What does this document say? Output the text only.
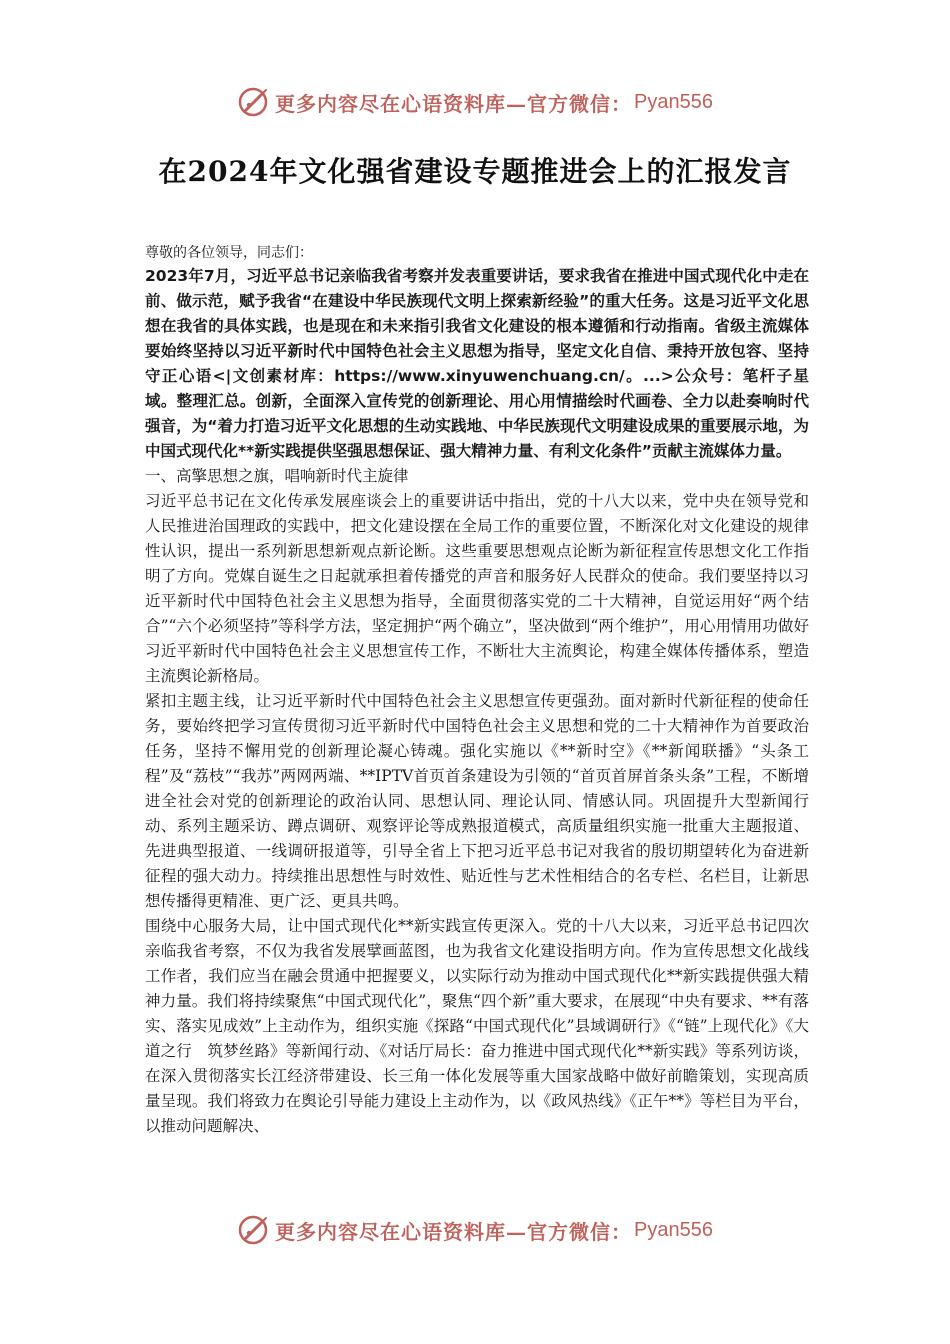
更多内容尽在心语资料库—官方微信： Pyan556
在2024年文化强省建设专题推进会上的汇报发言

尊敬的各位领导，同志们：

2023年7月，习近平总书记亲临我省考察并发表重要讲话，要求我省在推进中国式现代化中走在前、做示范，赋予我省“在建设中华民族现代文明上探索新经验”的重大任务。这是习近平文化思想在我省的具体实践，也是现在和未来指引我省文化建设的根本遵循和行动指南。省级主流媒体要始终坚持以习近平新时代中国特色社会主义思想为指导，坚定文化自信、秉持开放包容、坚持守正心语<|文创素材库：https://www.xinyuwenchuang.cn/。...>公众号：笔杆子星域。整理汇总。创新，全面深入宣传党的创新理论、用心用情描绘时代画卷、全力以赴奏响时代强音，为“着力打造习近平文化思想的生动实践地、中华民族现代文明建设成果的重要展示地，为中国式现代化**新实践提供坚强思想保证、强大精神力量、有利文化条件”贡献主流媒体力量。

一、高擎思想之旗，唱响新时代主旋律

习近平总书记在文化传承发展座谈会上的重要讲话中指出，党的十八大以来，党中央在领导党和人民推进治国理政的实践中，把文化建设摆在全局工作的重要位置，不断深化对文化建设的规律性认识，提出一系列新思想新观点新论断。这些重要思想观点论断为新征程宣传思想文化工作指明了方向。党媒自诞生之日起就承担着传播党的声音和服务好人民群众的使命。我们要坚持以习近平新时代中国特色社会主义思想为指导，全面贯彻落实党的二十大精神，自觉运用好“两个结合”“六个必须坚持”等科学方法，坚定拥护“两个确立”，坚决做到“两个维护”，用心用情用功做好习近平新时代中国特色社会主义思想宣传工作，不断壮大主流舆论，构建全媒体传播体系，塑造主流舆论新格局。

紧扣主题主线，让习近平新时代中国特色社会主义思想宣传更强劲。面对新时代新征程的使命任务，要始终把学习宣传贯彻习近平新时代中国特色社会主义思想和党的二十大精神作为首要政治任务，坚持不懈用党的创新理论凝心铸魂。强化实施以《**新时空》《**新闻联播》“头条工程”及“荔枝”“我苏”两网两端、**IPTV首页首条建设为引领的“首页首屏首条头条”工程，不断增进全社会对党的创新理论的政治认同、思想认同、理论认同、情感认同。巩固提升大型新闻行动、系列主题采访、蹲点调研、观察评论等成熟报道模式，高质量组织实施一批重大主题报道、先进典型报道、一线调研报道等，引导全省上下把习近平总书记对我省的殷切期望转化为奋进新征程的强大动力。持续推出思想性与时效性、贴近性与艺术性相结合的名专栏、名栏目，让新思想传播得更精准、更广泛、更具共鸣。

围绕中心服务大局，让中国式现代化**新实践宣传更深入。党的十八大以来，习近平总书记四次亲临我省考察，不仅为我省发展擘画蓝图，也为我省文化建设指明方向。作为宣传思想文化战线工作者，我们应当在融会贯通中把握要义，以实际行动为推动中国式现代化**新实践提供强大精神力量。我们将持续聚焦“中国式现代化”，聚焦“四个新”重大要求，在展现“中央有要求、**有落实、落实见成效”上主动作为，组织实施《探路“中国式现代化”县域调研行》《“链”上现代化》《大道之行　筑梦丝路》等新闻行动、《对话厅局长：奋力推进中国式现代化**新实践》等系列访谈，在深入贯彻落实长江经济带建设、长三角一体化发展等重大国家战略中做好前瞻策划，实现高质量呈现。我们将致力在舆论引导能力建设上主动作为，以《政风热线》《正午**》等栏目为平台，以推动问题解决、

更多内容尽在心语资料库—官方微信： Pyan556
